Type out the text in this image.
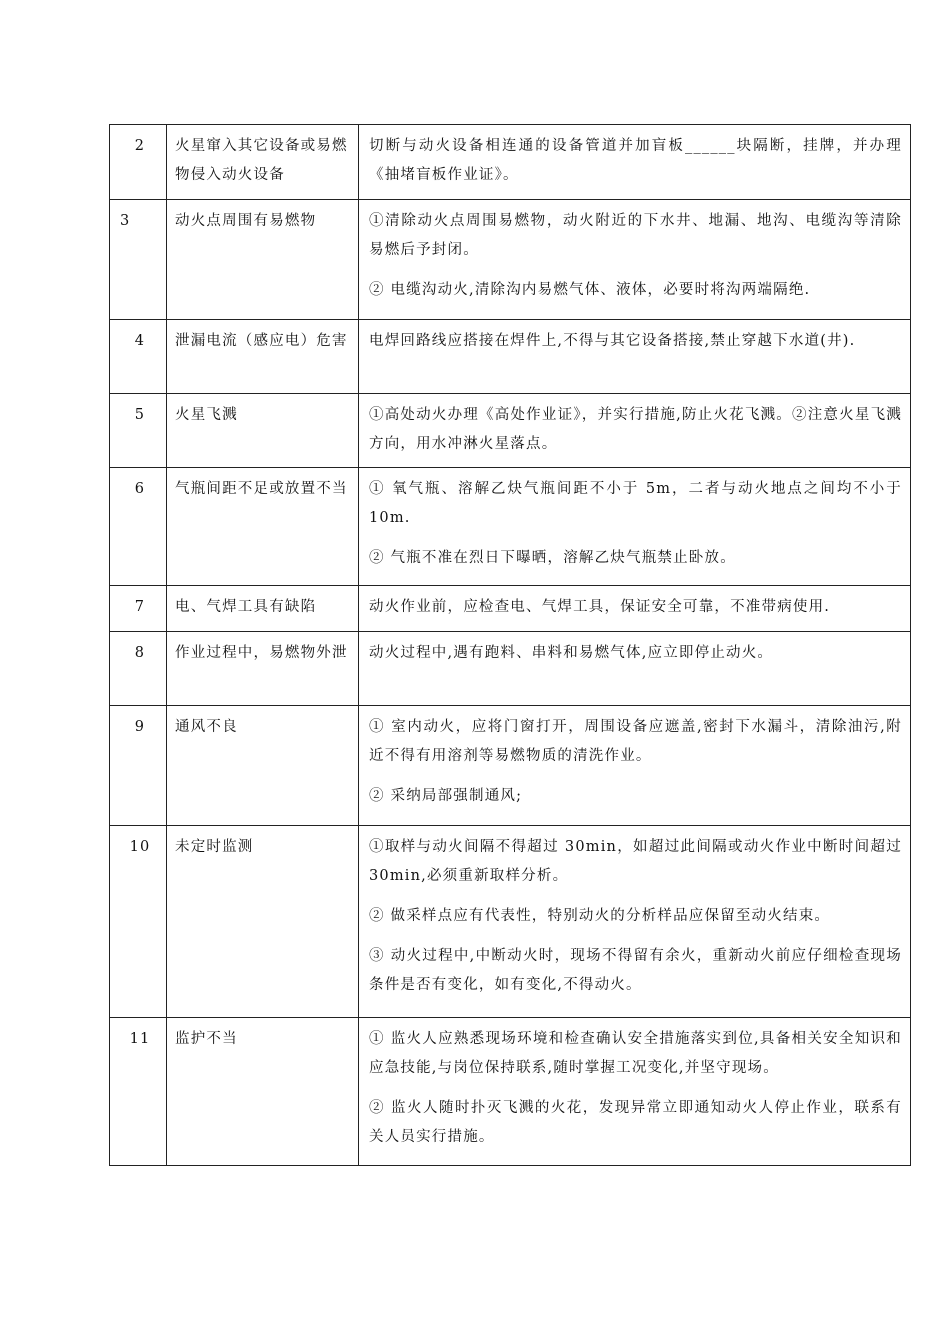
2	火星窜入其它设备或易燃物侵入动火设备	切断与动火设备相连通的设备管道并加盲板______块隔断，挂牌，并办理《抽堵盲板作业证》。

3	动火点周围有易燃物	①清除动火点周围易燃物，动火附近的下水井、地漏、地沟、电缆沟等清除易燃后予封闭。

② 电缆沟动火,清除沟内易燃气体、液体，必要时将沟两端隔绝.

4	泄漏电流（感应电）危害	电焊回路线应搭接在焊件上,不得与其它设备搭接,禁止穿越下水道(井).

5	火星飞溅	①高处动火办理《高处作业证》，并实行措施,防止火花飞溅。②注意火星飞溅方向，用水冲淋火星落点。

6	气瓶间距不足或放置不当	① 氧气瓶、溶解乙炔气瓶间距不小于 5m，二者与动火地点之间均不小于 10m.

② 气瓶不准在烈日下曝晒，溶解乙炔气瓶禁止卧放。

7	电、气焊工具有缺陷	动火作业前，应检查电、气焊工具，保证安全可靠，不准带病使用.

8	作业过程中，易燃物外泄	动火过程中,遇有跑料、串料和易燃气体,应立即停止动火。

9	通风不良	① 室内动火，应将门窗打开，周围设备应遮盖,密封下水漏斗，清除油污,附近不得有用溶剂等易燃物质的清洗作业。

② 采纳局部强制通风;

10	未定时监测	①取样与动火间隔不得超过 30min，如超过此间隔或动火作业中断时间超过 30min,必须重新取样分析。

② 做采样点应有代表性，特别动火的分析样品应保留至动火结束。

③ 动火过程中,中断动火时，现场不得留有余火，重新动火前应仔细检查现场条件是否有变化，如有变化,不得动火。

11	监护不当	① 监火人应熟悉现场环境和检查确认安全措施落实到位,具备相关安全知识和应急技能,与岗位保持联系,随时掌握工况变化,并坚守现场。

② 监火人随时扑灭飞溅的火花，发现异常立即通知动火人停止作业，联系有关人员实行措施。
